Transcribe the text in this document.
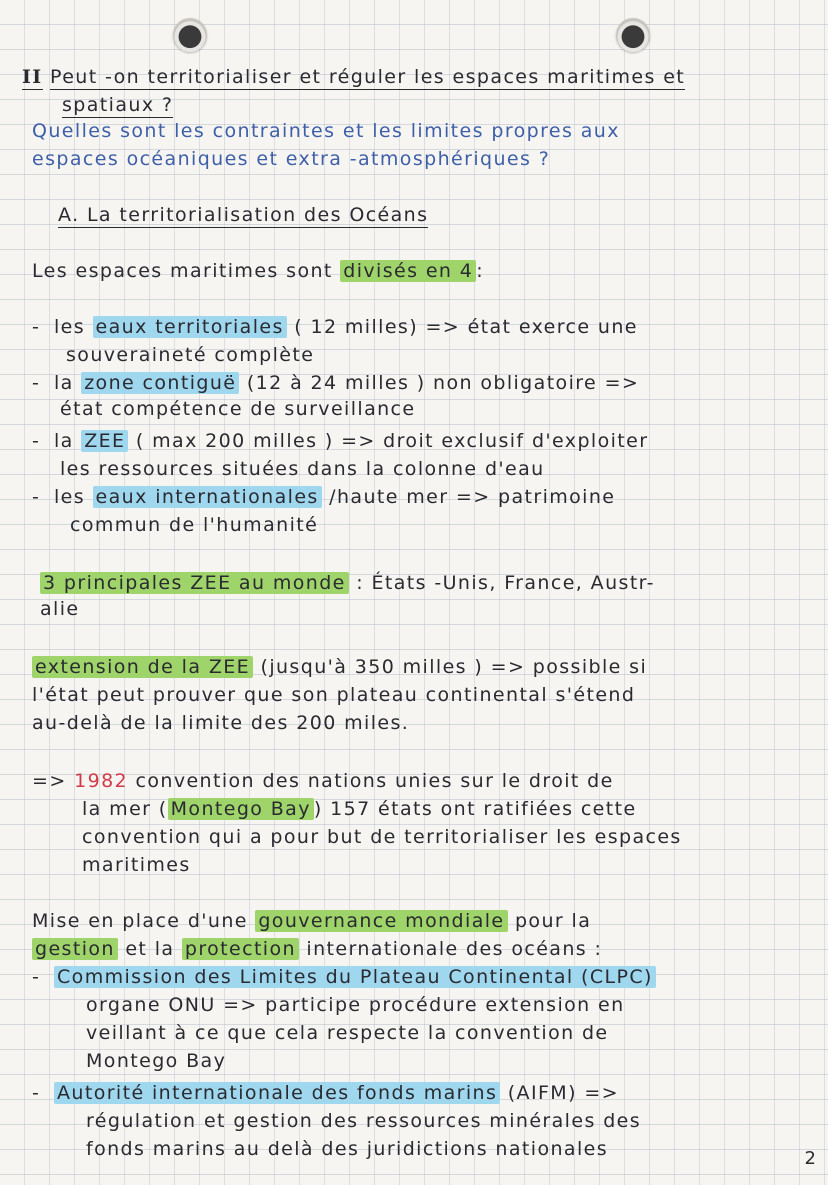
II Peut -on territorialiser et réguler les espaces maritimes et
spatiaux ?
Quelles sont les contraintes et les limites propres aux
espaces océaniques et extra -atmosphériques ?
A. La territorialisation des Océans
Les espaces maritimes sont divisés en 4 :
- les eaux territoriales ( 12 milles) => état exerce une
souveraineté complète
- la zone contiguë (12 à 24 milles ) non obligatoire =>
état compétence de surveillance
- la ZEE ( max 200 milles ) => droit exclusif d'exploiter
les ressources situées dans la colonne d'eau
- les eaux internationales /haute mer => patrimoine
commun de l'humanité
3 principales ZEE au monde : États -Unis, France, Austr-
alie
extension de la ZEE (jusqu'à 350 milles ) => possible si
l'état peut prouver que son plateau continental s'étend
au-delà de la limite des 200 miles.
=> 1982 convention des nations unies sur le droit de
la mer ( Montego Bay ) 157 états ont ratifiées cette
convention qui a pour but de territorialiser les espaces
maritimes
Mise en place d'une gouvernance mondiale pour la
gestion et la protection internationale des océans :
- Commission des Limites du Plateau Continental (CLPC)
organe ONU => participe procédure extension en
veillant à ce que cela respecte la convention de
Montego Bay
- Autorité internationale des fonds marins (AIFM) =>
régulation et gestion des ressources minérales des
fonds marins au delà des juridictions nationales	2
